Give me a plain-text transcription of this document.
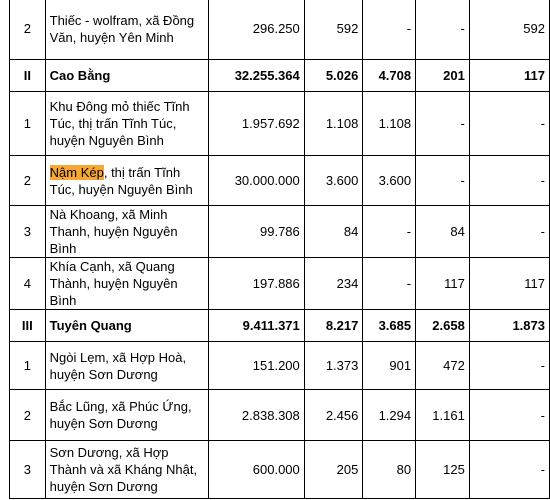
2	Thiếc - wolfram, xã Đồng Văn, huyện Yên Minh	296.250	592	-	-	592
II	Cao Bằng	32.255.364	5.026	4.708	201	117
1	Khu Đông mỏ thiếc Tĩnh Túc, thị trấn Tĩnh Túc, huyện Nguyên Bình	1.957.692	1.108	1.108	-	-
2	Nậm Kép, thị trấn Tĩnh Túc, huyện Nguyên Bình	30.000.000	3.600	3.600	-	-
3	Nà Khoang, xã Minh Thanh, huyện Nguyên Bình	99.786	84	-	84	-
4	Khía Cạnh, xã Quang Thành, huyện Nguyên Bình	197.886	234	-	117	117
III	Tuyên Quang	9.411.371	8.217	3.685	2.658	1.873
1	Ngòi Lẹm, xã Hợp Hoà, huyện Sơn Dương	151.200	1.373	901	472	-
2	Bắc Lũng, xã Phúc Ứng, huyện Sơn Dương	2.838.308	2.456	1.294	1.161	-
3	Sơn Dương, xã Hợp Thành và xã Kháng Nhật, huyện Sơn Dương	600.000	205	80	125	-
